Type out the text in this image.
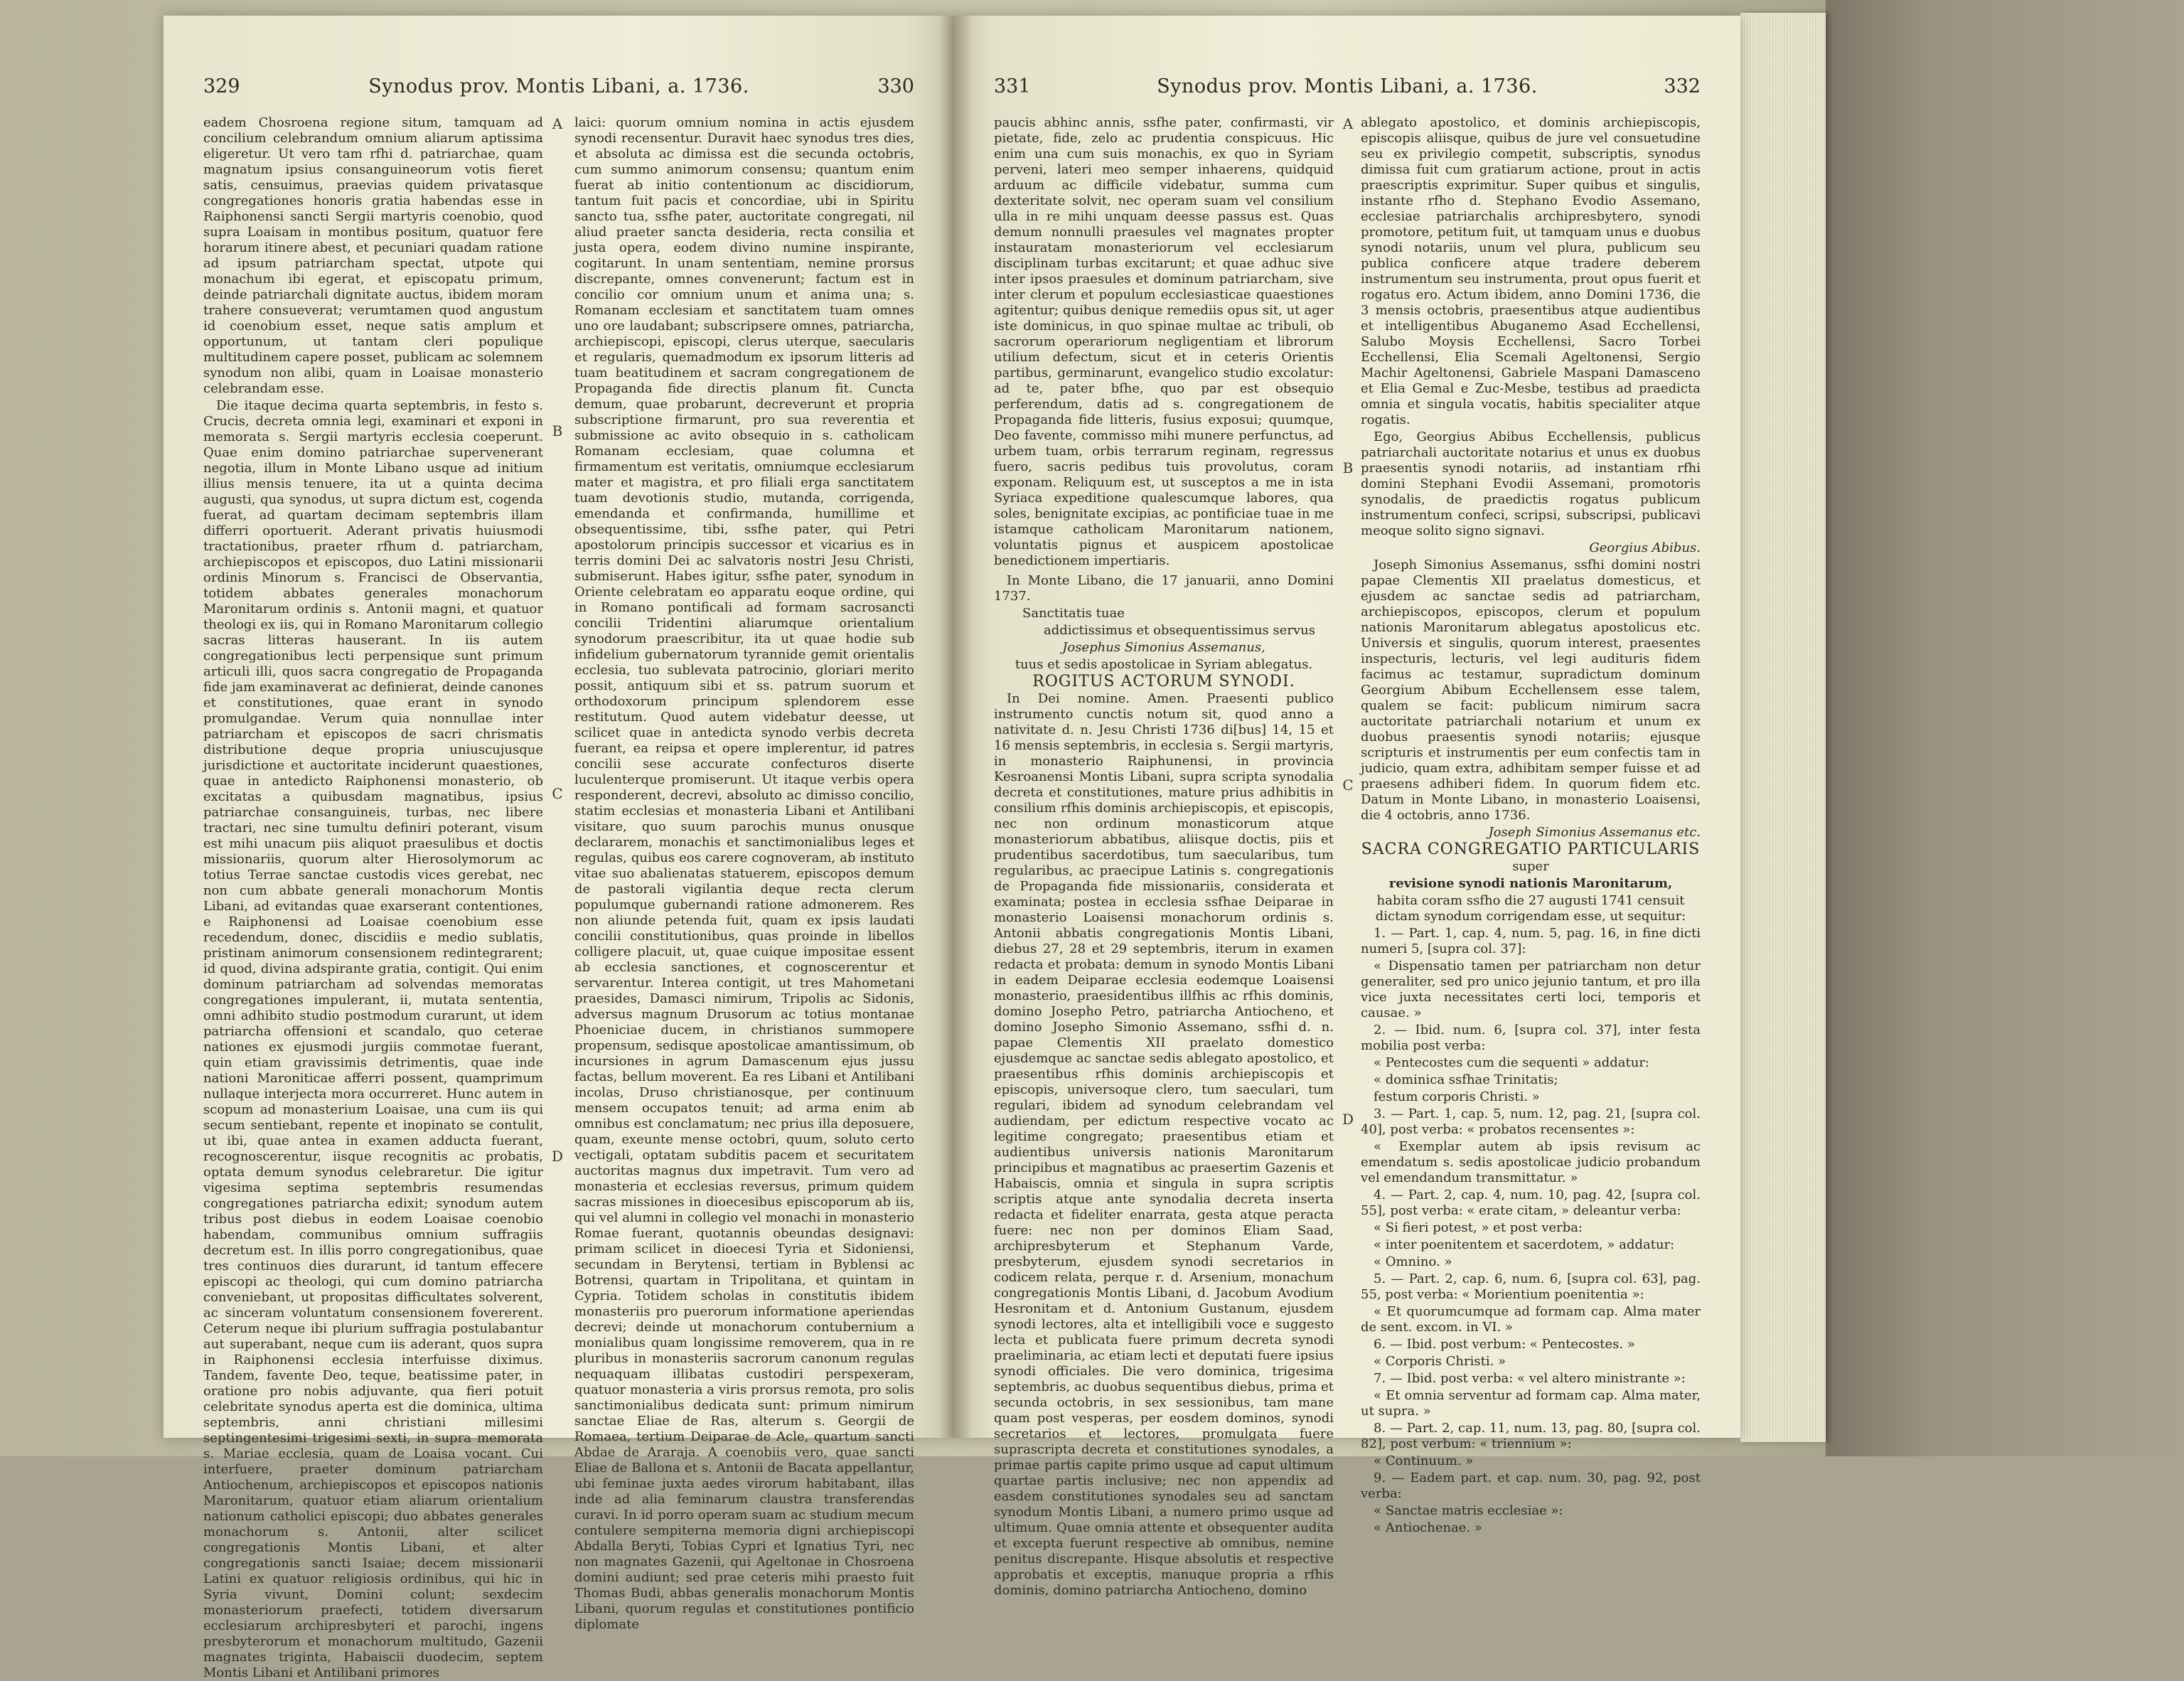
329	Synodus prov. Montis Libani, a. 1736.	330

eadem Chosroena regione situm, tamquam ad concilium celebrandum omnium aliarum aptissima eligeretur. Ut vero tam rfhi d. patriarchae, quam magnatum ipsius consanguineorum votis fieret satis, censuimus, praevias quidem privatasque congregationes honoris gratia habendas esse in Raiphonensi sancti Sergii martyris coenobio, quod supra Loaisam in montibus positum, quatuor fere horarum itinere abest, et pecuniari quadam ratione ad ipsum patriarcham spectat, utpote qui monachum ibi egerat, et episcopatu primum, deinde patriarchali dignitate auctus, ibidem moram trahere consueverat; verumtamen quod angustum id coenobium esset, neque satis amplum et opportunum, ut tantam cleri populique multitudinem capere posset, publicam ac solemnem synodum non alibi, quam in Loaisae monasterio celebrandam esse.

Die itaque decima quarta septembris, in festo s. Crucis, decreta omnia legi, examinari et exponi in memorata s. Sergii martyris ecclesia coeperunt. Quae enim domino patriarchae supervenerant negotia, illum in Monte Libano usque ad initium illius mensis tenuere, ita ut a quinta decima augusti, qua synodus, ut supra dictum est, cogenda fuerat, ad quartam decimam septembris illam differri oportuerit. Aderant privatis huiusmodi tractationibus, praeter rfhum d. patriarcham, archiepiscopos et episcopos, duo Latini missionarii ordinis Minorum s. Francisci de Observantia, totidem abbates generales monachorum Maronitarum ordinis s. Antonii magni, et quatuor theologi ex iis, qui in Romano Maronitarum collegio sacras litteras hauserant. In iis autem congregationibus lecti perpensique sunt primum articuli illi, quos sacra congregatio de Propaganda fide jam examinaverat ac definierat, deinde canones et constitutiones, quae erant in synodo promulgandae. Verum quia nonnullae inter patriarcham et episcopos de sacri chrismatis distributione deque propria uniuscujusque jurisdictione et auctoritate inciderunt quaestiones, quae in antedicto Raiphonensi monasterio, ob excitatas a quibusdam magnatibus, ipsius patriarchae consanguineis, turbas, nec libere tractari, nec sine tumultu definiri poterant, visum est mihi unacum piis aliquot praesulibus et doctis missionariis, quorum alter Hierosolymorum ac totius Terrae sanctae custodis vices gerebat, nec non cum abbate generali monachorum Montis Libani, ad evitandas quae exarserant contentiones, e Raiphonensi ad Loaisae coenobium esse recedendum, donec, discidiis e medio sublatis, pristinam animorum consensionem redintegrarent; id quod, divina adspirante gratia, contigit. Qui enim dominum patriarcham ad solvendas memoratas congregationes impulerant, ii, mutata sententia, omni adhibito studio postmodum curarunt, ut idem patriarcha offensioni et scandalo, quo ceterae nationes ex ejusmodi jurgiis commotae fuerant, quin etiam gravissimis detrimentis, quae inde nationi Maroniticae afferri possent, quamprimum nullaque interjecta mora occurreret. Hunc autem in scopum ad monasterium Loaisae, una cum iis qui secum sentiebant, repente et inopinato se contulit, ut ibi, quae antea in examen adducta fuerant, recognoscerentur, iisque recognitis ac probatis, optata demum synodus celebraretur. Die igitur vigesima septima septembris resumendas congregationes patriarcha edixit; synodum autem tribus post diebus in eodem Loaisae coenobio habendam, communibus omnium suffragiis decretum est. In illis porro congregationibus, quae tres continuos dies durarunt, id tantum effecere episcopi ac theologi, qui cum domino patriarcha conveniebant, ut propositas difficultates solverent, ac sinceram voluntatum consensionem fovererent. Ceterum neque ibi plurium suffragia postulabantur aut superabant, neque cum iis aderant, quos supra in Raiphonensi ecclesia interfuisse diximus. Tandem, favente Deo, teque, beatissime pater, in oratione pro nobis adjuvante, qua fieri potuit celebritate synodus aperta est die dominica, ultima septembris, anni christiani millesimi septingentesimi trigesimi sexti, in supra memorata s. Mariae ecclesia, quam de Loaisa vocant. Cui interfuere, praeter dominum patriarcham Antiochenum, archiepiscopos et episcopos nationis Maronitarum, quatuor etiam aliarum orientalium nationum catholici episcopi; duo abbates generales monachorum s. Antonii, alter scilicet congregationis Montis Libani, et alter congregationis sancti Isaiae; decem missionarii Latini ex quatuor religiosis ordinibus, qui hic in Syria vivunt, Domini colunt; sexdecim monasteriorum praefecti, totidem diversarum ecclesiarum archipresbyteri et parochi, ingens presbyterorum et monachorum multitudo, Gazenii magnates triginta, Habaiscii duodecim, septem Montis Libani et Antilibani primores

A
B
C
D

laici: quorum omnium nomina in actis ejusdem synodi recensentur. Duravit haec synodus tres dies, et absoluta ac dimissa est die secunda octobris, cum summo animorum consensu; quantum enim fuerat ab initio contentionum ac discidiorum, tantum fuit pacis et concordiae, ubi in Spiritu sancto tua, ssfhe pater, auctoritate congregati, nil aliud praeter sancta desideria, recta consilia et justa opera, eodem divino numine inspirante, cogitarunt. In unam sententiam, nemine prorsus discrepante, omnes convenerunt; factum est in concilio cor omnium unum et anima una; s. Romanam ecclesiam et sanctitatem tuam omnes uno ore laudabant; subscripsere omnes, patriarcha, archiepiscopi, episcopi, clerus uterque, saecularis et regularis, quemadmodum ex ipsorum litteris ad tuam beatitudinem et sacram congregationem de Propaganda fide directis planum fit. Cuncta demum, quae probarunt, decreverunt et propria subscriptione firmarunt, pro sua reverentia et submissione ac avito obsequio in s. catholicam Romanam ecclesiam, quae columna et firmamentum est veritatis, omniumque ecclesiarum mater et magistra, et pro filiali erga sanctitatem tuam devotionis studio, mutanda, corrigenda, emendanda et confirmanda, humillime et obsequentissime, tibi, ssfhe pater, qui Petri apostolorum principis successor et vicarius es in terris domini Dei ac salvatoris nostri Jesu Christi, submiserunt. Habes igitur, ssfhe pater, synodum in Oriente celebratam eo apparatu eoque ordine, qui in Romano pontificali ad formam sacrosancti concilii Tridentini aliarumque orientalium synodorum praescribitur, ita ut quae hodie sub infidelium gubernatorum tyrannide gemit orientalis ecclesia, tuo sublevata patrocinio, gloriari merito possit, antiquum sibi et ss. patrum suorum et orthodoxorum principum splendorem esse restitutum. Quod autem videbatur deesse, ut scilicet quae in antedicta synodo verbis decreta fuerant, ea reipsa et opere implerentur, id patres concilii sese accurate confecturos diserte luculenterque promiserunt. Ut itaque verbis opera responderent, decrevi, absoluto ac dimisso concilio, statim ecclesias et monasteria Libani et Antilibani visitare, quo suum parochis munus onusque declararem, monachis et sanctimonialibus leges et regulas, quibus eos carere cognoveram, ab instituto vitae suo abalienatas statuerem, episcopos demum de pastorali vigilantia deque recta clerum populumque gubernandi ratione admonerem. Res non aliunde petenda fuit, quam ex ipsis laudati concilii constitutionibus, quas proinde in libellos colligere placuit, ut, quae cuique impositae essent ab ecclesia sanctiones, et cognoscerentur et servarentur. Interea contigit, ut tres Mahometani praesides, Damasci nimirum, Tripolis ac Sidonis, adversus magnum Drusorum ac totius montanae Phoeniciae ducem, in christianos summopere propensum, sedisque apostolicae amantissimum, ob incursiones in agrum Damascenum ejus jussu factas, bellum moverent. Ea res Libani et Antilibani incolas, Druso christianosque, per continuum mensem occupatos tenuit; ad arma enim ab omnibus est conclamatum; nec prius illa deposuere, quam, exeunte mense octobri, quum, soluto certo vectigali, optatam subditis pacem et securitatem auctoritas magnus dux impetravit. Tum vero ad monasteria et ecclesias reversus, primum quidem sacras missiones in dioecesibus episcoporum ab iis, qui vel alumni in collegio vel monachi in monasterio Romae fuerant, quotannis obeundas designavi: primam scilicet in dioecesi Tyria et Sidoniensi, secundam in Berytensi, tertiam in Byblensi ac Botrensi, quartam in Tripolitana, et quintam in Cypria. Totidem scholas in constitutis ibidem monasteriis pro puerorum informatione aperiendas decrevi; deinde ut monachorum contubernium a monialibus quam longissime removerem, qua in re pluribus in monasteriis sacrorum canonum regulas nequaquam illibatas custodiri perspexeram, quatuor monasteria a viris prorsus remota, pro solis sanctimonialibus dedicata sunt: primum nimirum sanctae Eliae de Ras, alterum s. Georgii de Romaea, tertium Deiparae de Acle, quartum sancti Abdae de Araraja. A coenobiis vero, quae sancti Eliae de Ballona et s. Antonii de Bacata appellantur, ubi feminae juxta aedes virorum habitabant, illas inde ad alia feminarum claustra transferendas curavi. In id porro operam suam ac studium mecum contulere sempiterna memoria digni archiepiscopi Abdalla Beryti, Tobias Cypri et Ignatius Tyri, nec non magnates Gazenii, qui Ageltonae in Chosroena domini audiunt; sed prae ceteris mihi praesto fuit Thomas Budi, abbas generalis monachorum Montis Libani, quorum regulas et constitutiones pontificio diplomate

331	Synodus prov. Montis Libani, a. 1736.	332

paucis abhinc annis, ssfhe pater, confirmasti, vir pietate, fide, zelo ac prudentia conspicuus. Hic enim una cum suis monachis, ex quo in Syriam perveni, lateri meo semper inhaerens, quidquid arduum ac difficile videbatur, summa cum dexteritate solvit, nec operam suam vel consilium ulla in re mihi unquam deesse passus est. Quas demum nonnulli praesules vel magnates propter instauratam monasteriorum vel ecclesiarum disciplinam turbas excitarunt; et quae adhuc sive inter ipsos praesules et dominum patriarcham, sive inter clerum et populum ecclesiasticae quaestiones agitentur; quibus denique remediis opus sit, ut ager iste dominicus, in quo spinae multae ac tribuli, ob sacrorum operariorum negligentiam et librorum utilium defectum, sicut et in ceteris Orientis partibus, germinarunt, evangelico studio excolatur: ad te, pater bfhe, quo par est obsequio perferendum, datis ad s. congregationem de Propaganda fide litteris, fusius exposui; quumque, Deo favente, commisso mihi munere perfunctus, ad urbem tuam, orbis terrarum reginam, regressus fuero, sacris pedibus tuis provolutus, coram exponam. Reliquum est, ut susceptos a me in ista Syriaca expeditione qualescumque labores, qua soles, benignitate excipias, ac pontificiae tuae in me istamque catholicam Maronitarum nationem, voluntatis pignus et auspicem apostolicae benedictionem impertiaris.

In Monte Libano, die 17 januarii, anno Domini 1737.

Sanctitatis tuae

addictissimus et obsequentissimus servus

Josephus Simonius Assemanus,

tuus et sedis apostolicae in Syriam ablegatus.

ROGITUS ACTORUM SYNODI.

In Dei nomine. Amen. Praesenti publico instrumento cunctis notum sit, quod anno a nativitate d. n. Jesu Christi 1736 di[bus] 14, 15 et 16 mensis septembris, in ecclesia s. Sergii martyris, in monasterio Raiphunensi, in provincia Kesroanensi Montis Libani, supra scripta synodalia decreta et constitutiones, mature prius adhibitis in consilium rfhis dominis archiepiscopis, et episcopis, nec non ordinum monasticorum atque monasteriorum abbatibus, aliisque doctis, piis et prudentibus sacerdotibus, tum saecularibus, tum regularibus, ac praecipue Latinis s. congregationis de Propaganda fide missionariis, considerata et examinata; postea in ecclesia ssfhae Deiparae in monasterio Loaisensi monachorum ordinis s. Antonii abbatis congregationis Montis Libani, diebus 27, 28 et 29 septembris, iterum in examen redacta et probata: demum in synodo Montis Libani in eadem Deiparae ecclesia eodemque Loaisensi monasterio, praesidentibus illfhis ac rfhis dominis, domino Josepho Petro, patriarcha Antiocheno, et domino Josepho Simonio Assemano, ssfhi d. n. papae Clementis XII praelato domestico ejusdemque ac sanctae sedis ablegato apostolico, et praesentibus rfhis dominis archiepiscopis et episcopis, universoque clero, tum saeculari, tum regulari, ibidem ad synodum celebrandam vel audiendam, per edictum respective vocato ac legitime congregato; praesentibus etiam et audientibus universis nationis Maronitarum principibus et magnatibus ac praesertim Gazenis et Habaiscis, omnia et singula in supra scriptis scriptis atque ante synodalia decreta inserta redacta et fideliter enarrata, gesta atque peracta fuere: nec non per dominos Eliam Saad, archipresbyterum et Stephanum Varde, presbyterum, ejusdem synodi secretarios in codicem relata, perque r. d. Arsenium, monachum congregationis Montis Libani, d. Jacobum Avodium Hesronitam et d. Antonium Gustanum, ejusdem synodi lectores, alta et intelligibili voce e suggesto lecta et publicata fuere primum decreta synodi praeliminaria, ac etiam lecti et deputati fuere ipsius synodi officiales. Die vero dominica, trigesima septembris, ac duobus sequentibus diebus, prima et secunda octobris, in sex sessionibus, tam mane quam post vesperas, per eosdem dominos, synodi secretarios et lectores, promulgata fuere suprascripta decreta et constitutiones synodales, a primae partis capite primo usque ad caput ultimum quartae partis inclusive; nec non appendix ad easdem constitutiones synodales seu ad sanctam synodum Montis Libani, a numero primo usque ad ultimum. Quae omnia attente et obsequenter audita et excepta fuerunt respective ab omnibus, nemine penitus discrepante. Hisque absolutis et respective approbatis et exceptis, manuque propria a rfhis dominis, domino patriarcha Antiocheno, domino

A
B
C
D

ablegato apostolico, et dominis archiepiscopis, episcopis aliisque, quibus de jure vel consuetudine seu ex privilegio competit, subscriptis, synodus dimissa fuit cum gratiarum actione, prout in actis praescriptis exprimitur. Super quibus et singulis, instante rfho d. Stephano Evodio Assemano, ecclesiae patriarchalis archipresbytero, synodi promotore, petitum fuit, ut tamquam unus e duobus synodi notariis, unum vel plura, publicum seu publica conficere atque tradere deberem instrumentum seu instrumenta, prout opus fuerit et rogatus ero. Actum ibidem, anno Domini 1736, die 3 mensis octobris, praesentibus atque audientibus et intelligentibus Abuganemo Asad Ecchellensi, Salubo Moysis Ecchellensi, Sacro Torbei Ecchellensi, Elia Scemali Ageltonensi, Sergio Machir Ageltonensi, Gabriele Maspani Damasceno et Elia Gemal e Zuc-Mesbe, testibus ad praedicta omnia et singula vocatis, habitis specialiter atque rogatis.

Ego, Georgius Abibus Ecchellensis, publicus patriarchali auctoritate notarius et unus ex duobus praesentis synodi notariis, ad instantiam rfhi domini Stephani Evodii Assemani, promotoris synodalis, de praedictis rogatus publicum instrumentum confeci, scripsi, subscripsi, publicavi meoque solito signo signavi.

Georgius Abibus.

Joseph Simonius Assemanus, ssfhi domini nostri papae Clementis XII praelatus domesticus, et ejusdem ac sanctae sedis ad patriarcham, archiepiscopos, episcopos, clerum et populum nationis Maronitarum ablegatus apostolicus etc. Universis et singulis, quorum interest, praesentes inspecturis, lecturis, vel legi audituris fidem facimus ac testamur, supradictum dominum Georgium Abibum Ecchellensem esse talem, qualem se facit: publicum nimirum sacra auctoritate patriarchali notarium et unum ex duobus praesentis synodi notariis; ejusque scripturis et instrumentis per eum confectis tam in judicio, quam extra, adhibitam semper fuisse et ad praesens adhiberi fidem. In quorum fidem etc. Datum in Monte Libano, in monasterio Loaisensi, die 4 octobris, anno 1736.

Joseph Simonius Assemanus etc.

SACRA CONGREGATIO PARTICULARIS

super

revisione synodi nationis Maronitarum,

habita coram ssfho die 27 augusti 1741 censuit dictam synodum corrigendam esse, ut sequitur:

1. — Part. 1, cap. 4, num. 5, pag. 16, in fine dicti numeri 5, [supra col. 37]:

« Dispensatio tamen per patriarcham non detur generaliter, sed pro unico jejunio tantum, et pro illa vice juxta necessitates certi loci, temporis et causae. »

2. — Ibid. num. 6, [supra col. 37], inter festa mobilia post verba:

« Pentecostes cum die sequenti » addatur:

« dominica ssfhae Trinitatis;

festum corporis Christi. »

3. — Part. 1, cap. 5, num. 12, pag. 21, [supra col. 40], post verba: « probatos recensentes »:

« Exemplar autem ab ipsis revisum ac emendatum s. sedis apostolicae judicio probandum vel emendandum transmittatur. »

4. — Part. 2, cap. 4, num. 10, pag. 42, [supra col. 55], post verba: « erate citam, » deleantur verba:

« Si fieri potest, » et post verba:

« inter poenitentem et sacerdotem, » addatur:

« Omnino. »

5. — Part. 2, cap. 6, num. 6, [supra col. 63], pag. 55, post verba: « Morientium poenitentia »:

« Et quorumcumque ad formam cap. Alma mater de sent. excom. in VI. »

6. — Ibid. post verbum: « Pentecostes. »

« Corporis Christi. »

7. — Ibid. post verba: « vel altero ministrante »:

« Et omnia serventur ad formam cap. Alma mater, ut supra. »

8. — Part. 2, cap. 11, num. 13, pag. 80, [supra col. 82], post verbum: « triennium »:

« Continuum. »

9. — Eadem part. et cap. num. 30, pag. 92, post verba:

« Sanctae matris ecclesiae »:

« Antiochenae. »
